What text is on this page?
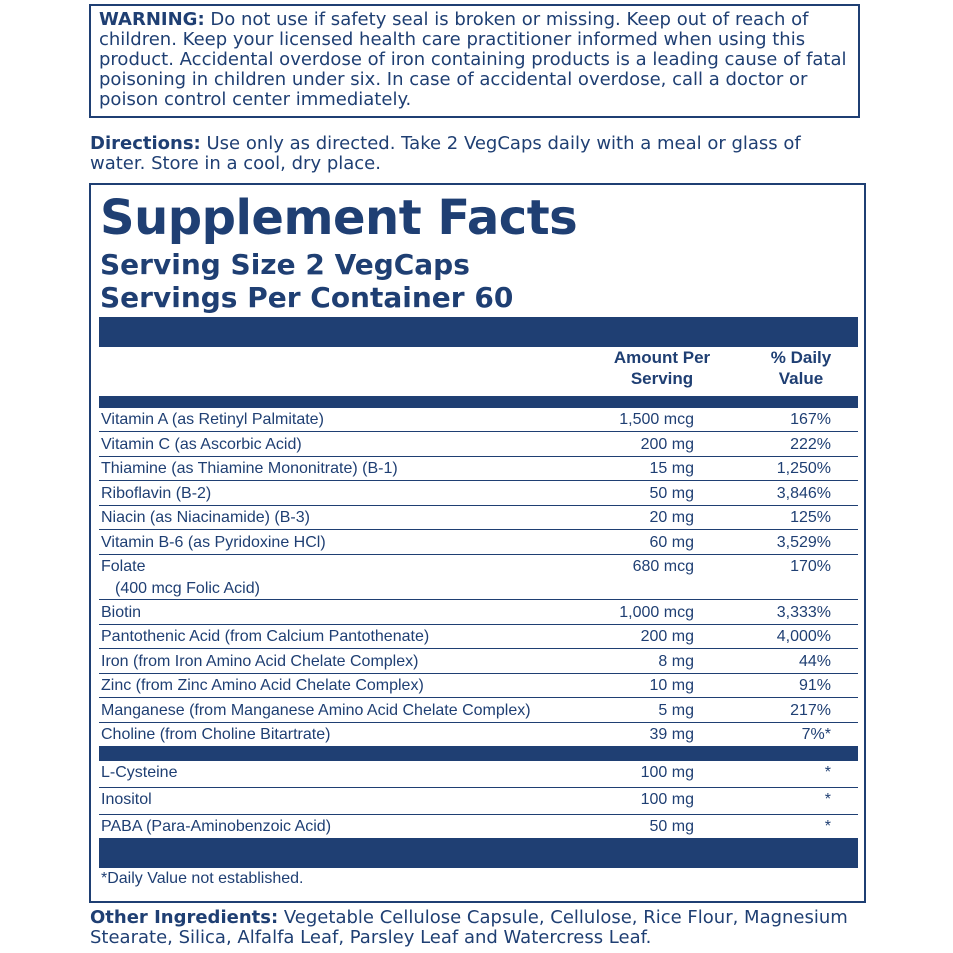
WARNING: Do not use if safety seal is broken or missing. Keep out of reach of children. Keep your licensed health care practitioner informed when using this product. Accidental overdose of iron containing products is a leading cause of fatal poisoning in children under six. In case of accidental overdose, call a doctor or poison control center immediately.
Directions: Use only as directed. Take 2 VegCaps daily with a meal or glass of water. Store in a cool, dry place.
Supplement Facts
Serving Size 2 VegCaps
Servings Per Container 60
Amount Per
Serving
% Daily
Value
Vitamin A (as Retinyl Palmitate)	1,500 mcg	167%
Vitamin C (as Ascorbic Acid)	200 mg	222%
Thiamine (as Thiamine Mononitrate) (B-1)	15 mg	1,250%
Riboflavin (B-2)	50 mg	3,846%
Niacin (as Niacinamide) (B-3)	20 mg	125%
Vitamin B-6 (as Pyridoxine HCl)	60 mg	3,529%
Folate	680 mcg	170%
(400 mcg Folic Acid)
Biotin	1,000 mcg	3,333%
Pantothenic Acid (from Calcium Pantothenate)	200 mg	4,000%
Iron (from Iron Amino Acid Chelate Complex)	8 mg	44%
Zinc (from Zinc Amino Acid Chelate Complex)	10 mg	91%
Manganese (from Manganese Amino Acid Chelate Complex)	5 mg	217%
Choline (from Choline Bitartrate)	39 mg	7%*
L-Cysteine	100 mg	*
Inositol	100 mg	*
PABA (Para-Aminobenzoic Acid)	50 mg	*
*Daily Value not established.
Other Ingredients: Vegetable Cellulose Capsule, Cellulose, Rice Flour, Magnesium Stearate, Silica, Alfalfa Leaf, Parsley Leaf and Watercress Leaf.
